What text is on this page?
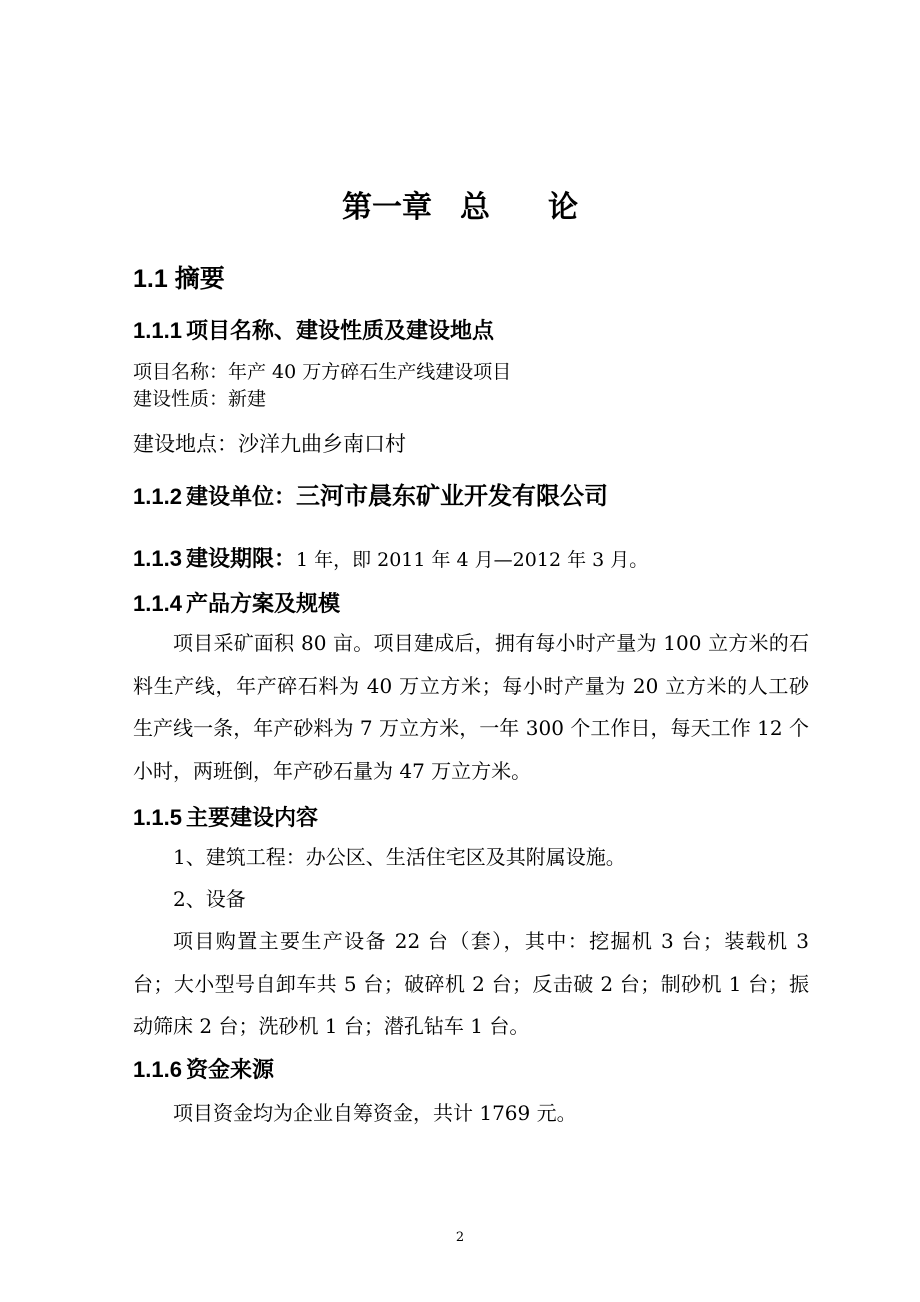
第一章 总 论
1.1 摘要
1.1.1 项目名称、建设性质及建设地点
项目名称：年产 40 万方碎石生产线建设项目
建设性质：新建
建设地点：沙洋九曲乡南口村
1.1.2 建设单位：三河市晨东矿业开发有限公司
1.1.3 建设期限：1 年，即 2011 年 4 月—2012 年 3 月。
1.1.4 产品方案及规模
项目采矿面积 80 亩。项目建成后，拥有每小时产量为 100 立方米的石料生产线，年产碎石料为 40 万立方米；每小时产量为 20 立方米的人工砂生产线一条，年产砂料为 7 万立方米，一年 300 个工作日，每天工作 12 个小时，两班倒，年产砂石量为 47 万立方米。
1.1.5 主要建设内容
1、建筑工程：办公区、生活住宅区及其附属设施。
2、设备
项目购置主要生产设备 22 台（套），其中：挖掘机 3 台；装载机 3 台；大小型号自卸车共 5 台；破碎机 2 台；反击破 2 台；制砂机 1 台；振动筛床 2 台；洗砂机 1 台；潜孔钻车 1 台。
1.1.6 资金来源
项目资金均为企业自筹资金，共计 1769 元。
2
